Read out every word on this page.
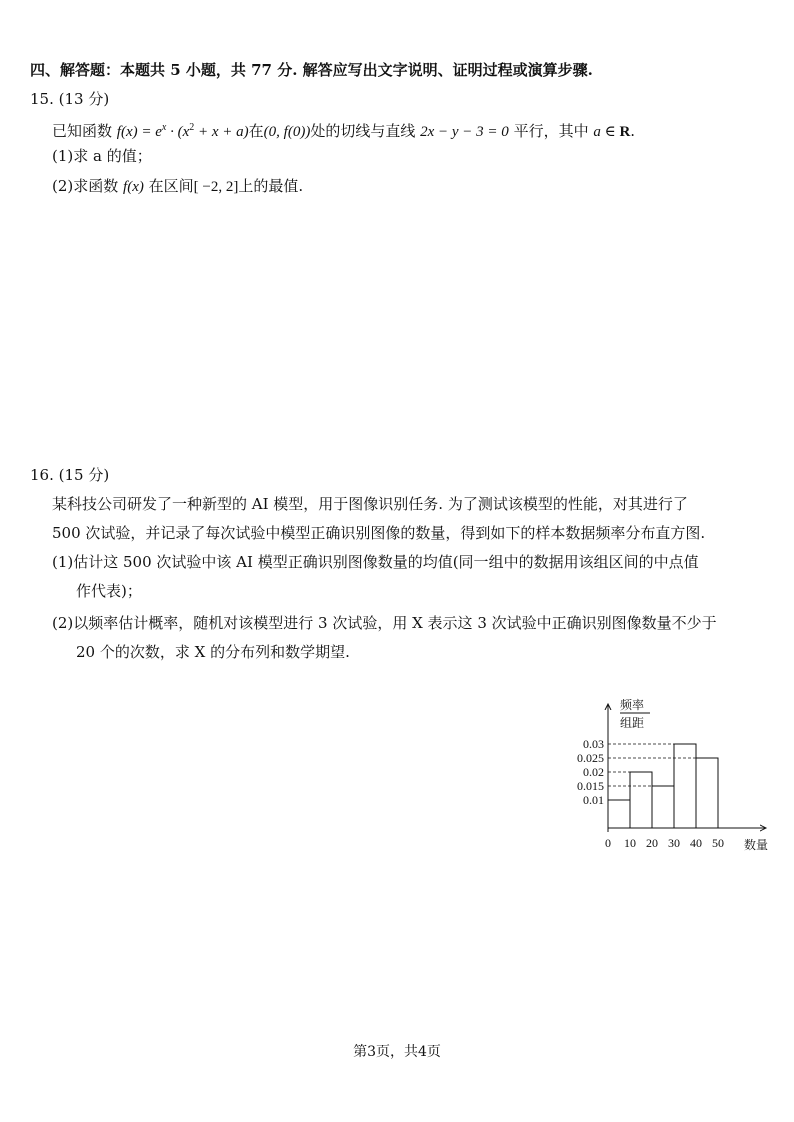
四、解答题：本题共 5 小题，共 77 分. 解答应写出文字说明、证明过程或演算步骤.
15. (13 分)
已知函数 $f(x) = e^x \cdot (x^2 + x + a)$在(0, f(0))处的切线与直线 2x − y − 3 = 0 平行，其中 a ∈ R.
(1)求 a 的值；
(2)求函数 f(x) 在区间[ −2, 2]上的最值.
16. (15 分)
某科技公司研发了一种新型的 AI 模型，用于图像识别任务. 为了测试该模型的性能，对其进行了
500 次试验，并记录了每次试验中模型正确识别图像的数量，得到如下的样本数据频率分布直方图.
(1)估计这 500 次试验中该 AI 模型正确识别图像数量的均值(同一组中的数据用该组区间的中点值
作代表)；
(2)以频率估计概率，随机对该模型进行 3 次试验，用 X 表示这 3 次试验中正确识别图像数量不少于
20 个的次数，求 X 的分布列和数学期望.
频率
组距
0.03
0.025
0.02
0.015
0.01
0 10 20 30 40 50 数量
第3页，共4页
